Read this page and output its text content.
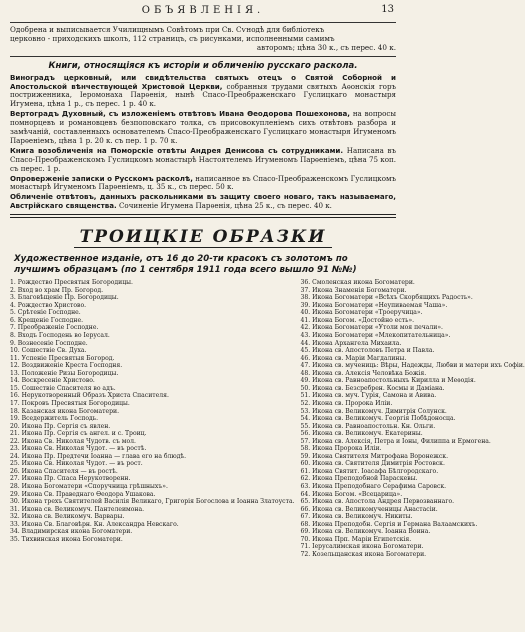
ОБЪЯВЛЕНІЯ.	13
Одобрена и выписывается Училищнымъ Совѣтомъ при Св. Сѵнодѣ для библіотекъ
церковно - приходскихъ школъ, 112 страницъ, съ рисунками, исполненными самимъ
авторомъ; цѣна 30 к., съ перес. 40 к.
Книги, относящіяся къ исторіи и обличенію русскаго раскола.
Виноградъ церковный, или свидѣтельства святыхъ отецъ о Святой Соборной и Апостольской вѣнчествующей Христовой Церкви, собранныя трудами святыхъ Аѳонскія горъ постриженника, Іеромонаха Парѳенія, нынѣ Спасо-Преображенскаго Гуслицкаго монастыря Игумена, цѣна 1 р., съ перес. 1 р. 40 к.
Вертоградъ Духовный, съ изложеніемъ отвѣтовъ Ивана Ѳеодорова Пошехонова, на вопросы помнорцевъ и романовцевъ безпоповскаго толка, съ присовокупленіемъ сихъ отвѣтовъ разбора и замѣчаній, составленныхъ основателемъ Спасо-Преображенскаго Гуслицкаго монастыря Игуменомъ Парѳеніемъ, цѣна 1 р. 20 к. съ пер. 1 р. 70 к.
Книга возобличенія на Поморскіе отвѣты Андрея Денисова съ сотрудниками. Написана въ Спасо-Преображенскомъ Гуслицкомъ монастырѣ Настоятелемъ Игуменомъ Парѳеніемъ, цѣна 75 коп. съ перес. 1 р.
Опроверженіе записки о Русскомъ расколѣ, написанное въ Спасо-Преображенскомъ Гуслицкомъ монастырѣ Игуменомъ Парѳеніемъ, ц. 35 к., съ перес. 50 к.
Обличеніе отвѣтовъ, данныхъ раскольниками въ защиту своего новаго, такъ называемаго, Австрійскаго священства. Сочиненіе Игумена Парѳенія, цѣна 25 к., съ перес. 40 к.
ТРОИЦКІЕ ОБРАЗКИ
Художественное изданіе, отъ 16 до 20-ти красокъ съ золотомъ по лучшимъ образцамъ (по 1 сентября 1911 года всего вышло 91 №№)
1. Рождество Пресвятыя Богородицы.
2. Вход во храм Пр. Богород.
3. Благовѣщеніе Пр. Богородицы.
4. Рождество Христово.
5. Срѣтеніе Господне.
6. Крещеніе Господне.
7. Преображеніе Господне.
8. Входъ Господень во Іерусал.
9. Вознесеніе Господне.
10. Сошествіе Св. Духа.
11. Успеніе Пресвятыя Богород.
12. Воздвиженіе Креста Господня.
13. Положеніе Ризы Богородицы.
14. Воскресеніе Христово.
15. Сошествіе Спасителя во адъ.
16. Нерукотворенный Образъ Христа Спасителя.
17. Покровъ Пресвятыя Богородицы.
18. Казанская икона Богоматери.
19. Вседержитель Господь.
20. Икона Пр. Сергія съ явлен.
21. Икона Пр. Сергія съ ангел. и с. Троиц.
22. Икона Св. Николая Чудотв. съ мол.
23. Икона Св. Николая Чудот. — въ ростѣ.
24. Икона Пр. Предтечи Іоанна — глава его на блюдѣ.
25. Икона Св. Николая Чудот. — въ рост.
26. Икона Спасителя — въ ростѣ.
27. Икона Пр. Спаса Нерукотворенн.
28. Икона Богоматери «Споручница грѣшныхъ».
29. Икона Св. Праведнаго Ѳеодора Ушакова.
30. Икона трехъ Святителей Василія Великаго, Григорія Богослова и Іоанна Златоуста.
31. Икона св. Великомуч. Пантелеимона.
32. Икона св. Великомуч. Варвары.
33. Икона Св. Благовѣрн. Кн. Александра Невскаго.
34. Владимирская икона Богоматери.
35. Тихвинская икона Богоматери.
36. Смоленская икона Богоматери.
37. Икона Знаменія Богоматери.
38. Икона Богоматери «Всѣхъ Скорбящихъ Радость».
39. Икона Богоматери «Неупиваемая Чаша».
40. Икона Богоматери «Троеручица».
41. Икона Богом. «Достойно есть».
42. Икона Богоматери «Утоли моя печали».
43. Икона Богоматери «Млекопитательница».
44. Икона Архангела Михаила.
45. Икона св. Апостоловъ Петра и Павла.
46. Икона св. Маріи Магдалины.
47. Икона св. мучениць: Вѣры, Надежды, Любви и матери ихъ Софіи.
48. Икона св. Алексія Человѣка Божія.
49. Икона св. Равноапостольныхъ Кирилла и Меѳодія.
50. Икона св. Безсребрен. Космы и Даміана.
51. Икона св. муч. Гурія, Самона и Авива.
52. Икона св. Пророка Иліи.
53. Икона св. Великомуч. Димитрія Солунск.
54. Икона св. Великомуч. Георгія Побѣдоносца.
55. Икона св. Равноапостольн. Кн. Ольги.
56. Икона св. Великомуч. Екатерины.
57. Икона св. Алексія, Петра и Іоны, Филиппа и Ермогена.
58. Икона Пророка Иліи.
59. Икона Святителя Митрофана Воронежск.
60. Икона св. Святителя Димитрія Ростовск.
61. Икона Святит. Іоасафа Бѣлгородскаго.
62. Икона Преподобной Параскевы.
63. Икона Преподобнаго Серафима Саровск.
64. Икона Богом. «Всецарица».
65. Икона св. Апостола Андрея Первозваннаго.
66. Икона св. Великомученицы Анастасіи.
67. Икона св. Великомуч. Никиты.
68. Икона Преподобн. Сергія и Германа Валаамскихъ.
69. Икона св. Великомуч. Іоанна Воина.
70. Икона Прп. Маріи Египетскія.
71. Іерусалимская икона Богоматери.
72. Козельщанская икона Богоматери.
